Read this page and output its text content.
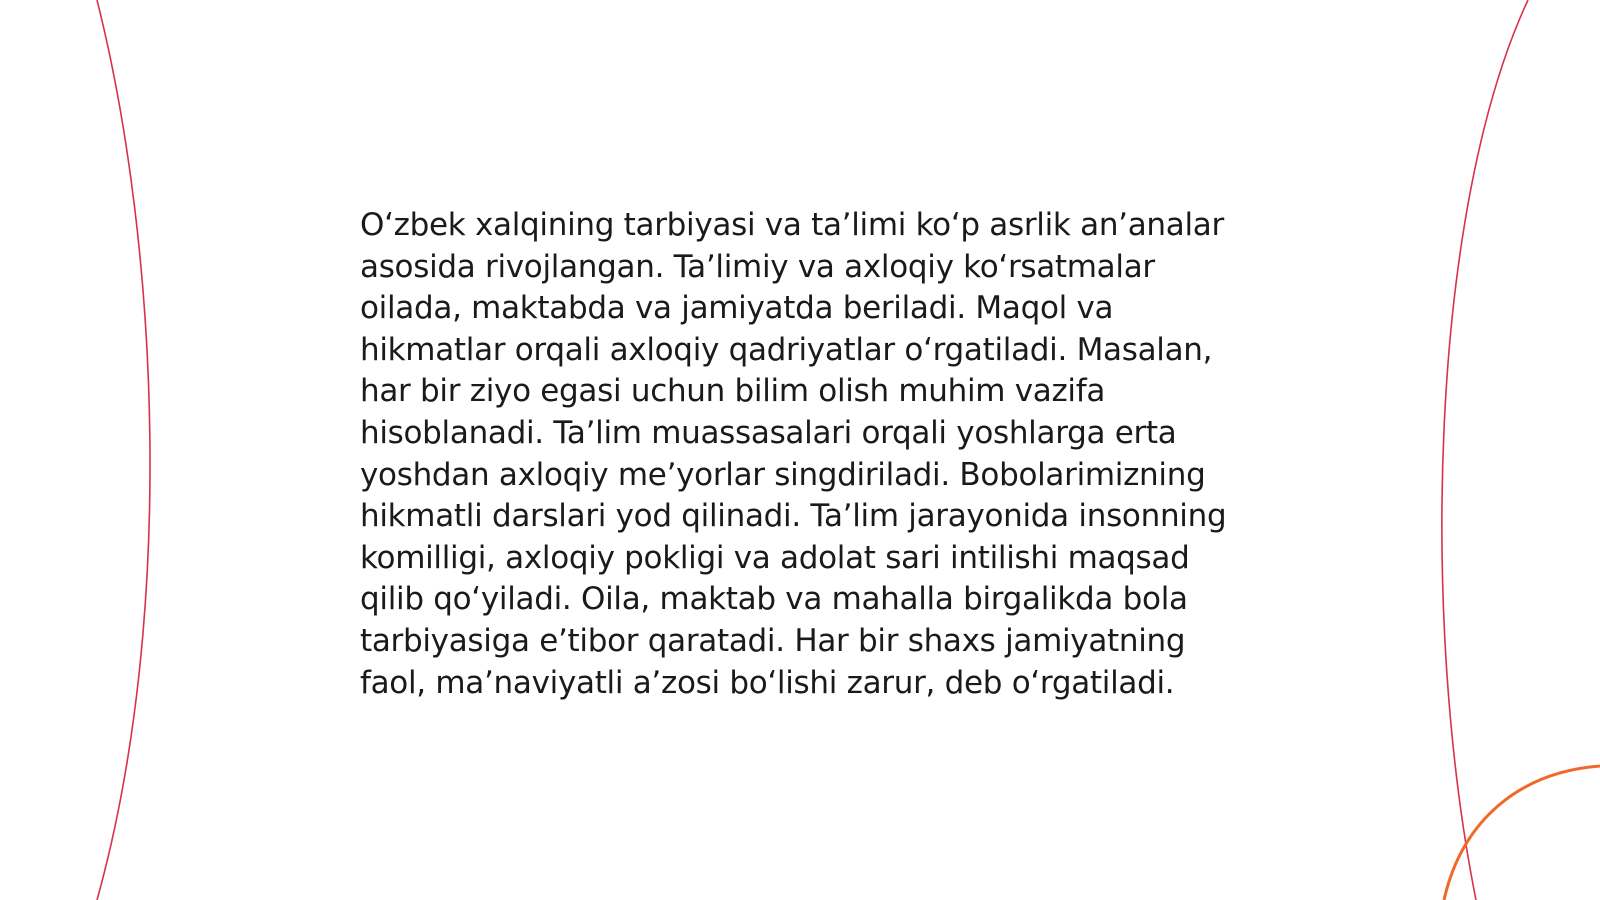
O‘zbek xalqining tarbiyasi va ta’limi ko‘p asrlik an’analar asosida rivojlangan. Ta’limiy va axloqiy ko‘rsatmalar oilada, maktabda va jamiyatda beriladi. Maqol va hikmatlar orqali axloqiy qadriyatlar o‘rgatiladi. Masalan, har bir ziyo egasi uchun bilim olish muhim vazifa hisoblanadi. Ta’lim muassasalari orqali yoshlarga erta yoshdan axloqiy me’yorlar singdiriladi. Bobolarimizning hikmatli darslari yod qilinadi. Ta’lim jarayonida insonning komilligi, axloqiy pokligi va adolat sari intilishi maqsad qilib qo‘yiladi. Oila, maktab va mahalla birgalikda bola tarbiyasiga e’tibor qaratadi. Har bir shaxs jamiyatning faol, ma’naviyatli a’zosi bo‘lishi zarur, deb o‘rgatiladi.
